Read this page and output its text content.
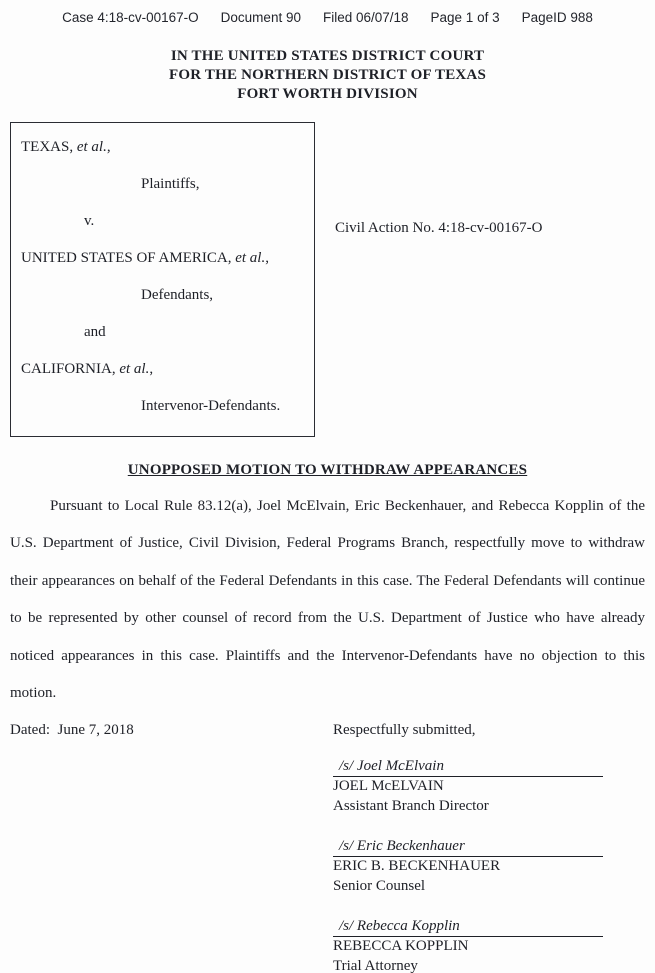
Case 4:18-cv-00167-O Document 90 Filed 06/07/18 Page 1 of 3 PageID 988
IN THE UNITED STATES DISTRICT COURT
FOR THE NORTHERN DISTRICT OF TEXAS
FORT WORTH DIVISION
TEXAS, et al.,
Plaintiffs,
v.
UNITED STATES OF AMERICA, et al.,
Defendants,
and
CALIFORNIA, et al.,
Intervenor-Defendants.
Civil Action No. 4:18-cv-00167-O
UNOPPOSED MOTION TO WITHDRAW APPEARANCES

Pursuant to Local Rule 83.12(a), Joel McElvain, Eric Beckenhauer, and Rebecca Kopplin of the U.S. Department of Justice, Civil Division, Federal Programs Branch, respectfully move to withdraw their appearances on behalf of the Federal Defendants in this case. The Federal Defendants will continue to be represented by other counsel of record from the U.S. Department of Justice who have already noticed appearances in this case. Plaintiffs and the Intervenor-Defendants have no objection to this motion.

Dated:  June 7, 2018	Respectfully submitted,
/s/ Joel McElvain
JOEL McELVAIN
Assistant Branch Director
/s/ Eric Beckenhauer
ERIC B. BECKENHAUER
Senior Counsel
/s/ Rebecca Kopplin
REBECCA KOPPLIN
Trial Attorney
